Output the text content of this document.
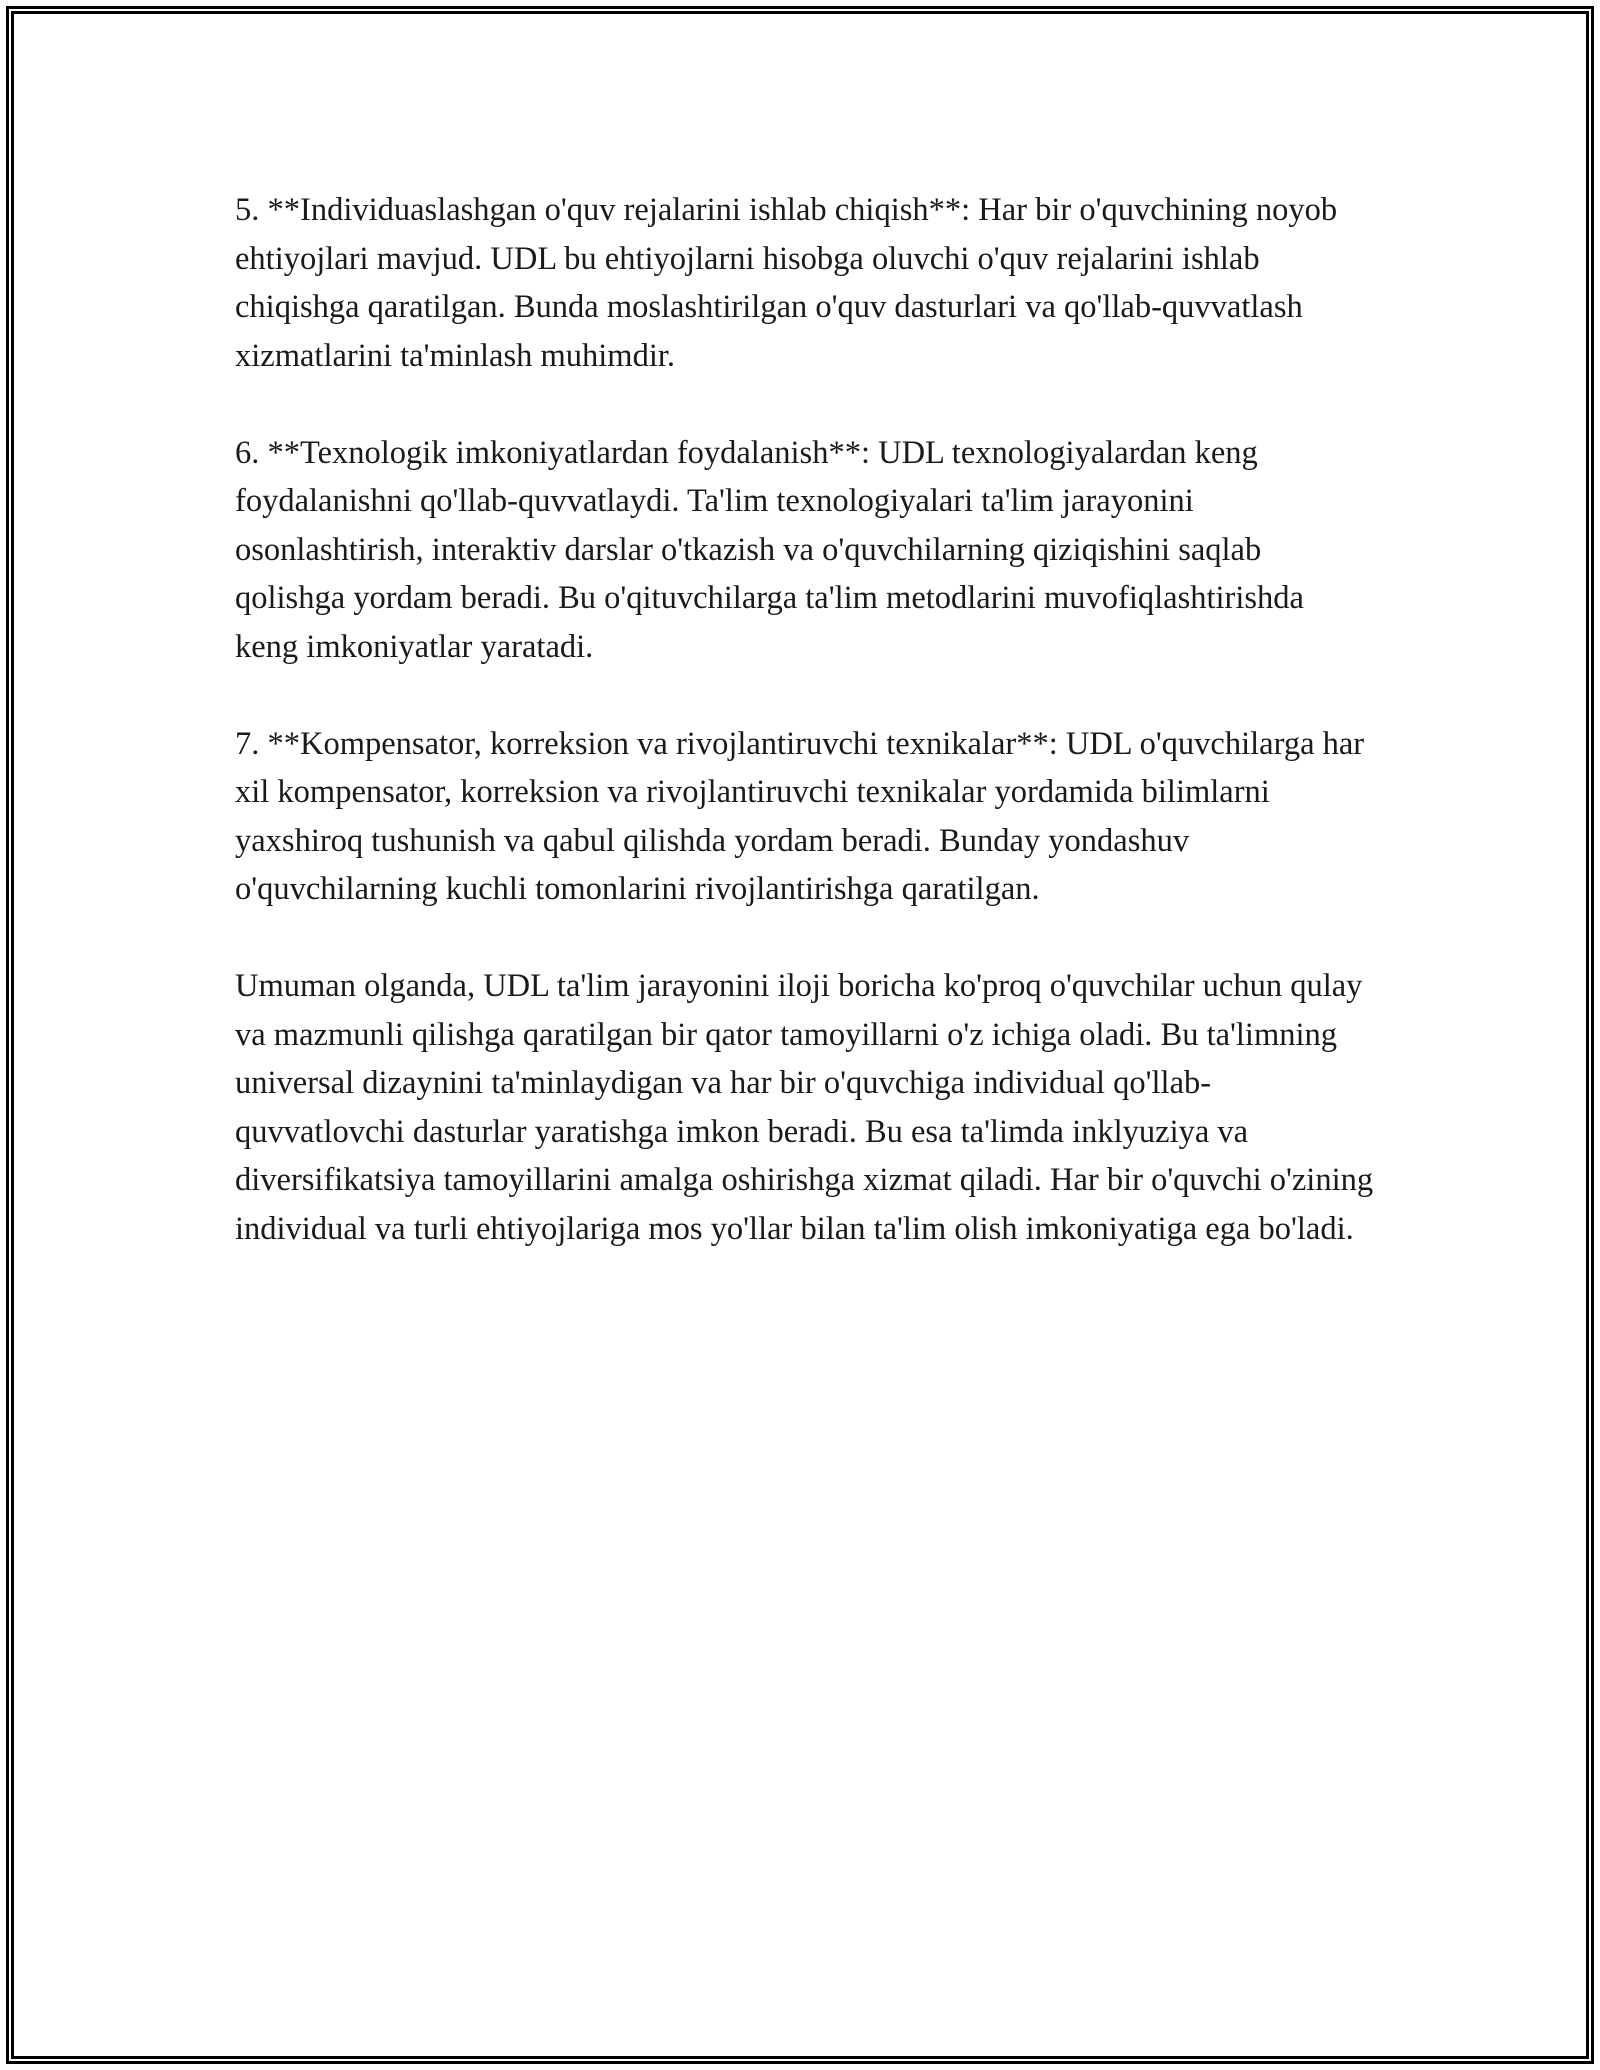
5. **Individuaslashgan o'quv rejalarini ishlab chiqish**: Har bir o'quvchining noyob ehtiyojlari mavjud. UDL bu ehtiyojlarni hisobga oluvchi o'quv rejalarini ishlab chiqishga qaratilgan. Bunda moslashtirilgan o'quv dasturlari va qo'llab-quvvatlash xizmatlarini ta'minlash muhimdir.

6. **Texnologik imkoniyatlardan foydalanish**: UDL texnologiyalardan keng foydalanishni qo'llab-quvvatlaydi. Ta'lim texnologiyalari ta'lim jarayonini osonlashtirish, interaktiv darslar o'tkazish va o'quvchilarning qiziqishini saqlab qolishga yordam beradi. Bu o'qituvchilarga ta'lim metodlarini muvofiqlashtirishda keng imkoniyatlar yaratadi.

7. **Kompensator, korreksion va rivojlantiruvchi texnikalar**: UDL o'quvchilarga har xil kompensator, korreksion va rivojlantiruvchi texnikalar yordamida bilimlarni yaxshiroq tushunish va qabul qilishda yordam beradi. Bunday yondashuv o'quvchilarning kuchli tomonlarini rivojlantirishga qaratilgan.

Umuman olganda, UDL ta'lim jarayonini iloji boricha ko'proq o'quvchilar uchun qulay va mazmunli qilishga qaratilgan bir qator tamoyillarni o'z ichiga oladi. Bu ta'limning universal dizaynini ta'minlaydigan va har bir o'quvchiga individual qo'llab-quvvatlovchi dasturlar yaratishga imkon beradi. Bu esa ta'limda inklyuziya va diversifikatsiya tamoyillarini amalga oshirishga xizmat qiladi. Har bir o'quvchi o'zining individual va turli ehtiyojlariga mos yo'llar bilan ta'lim olish imkoniyatiga ega bo'ladi.
